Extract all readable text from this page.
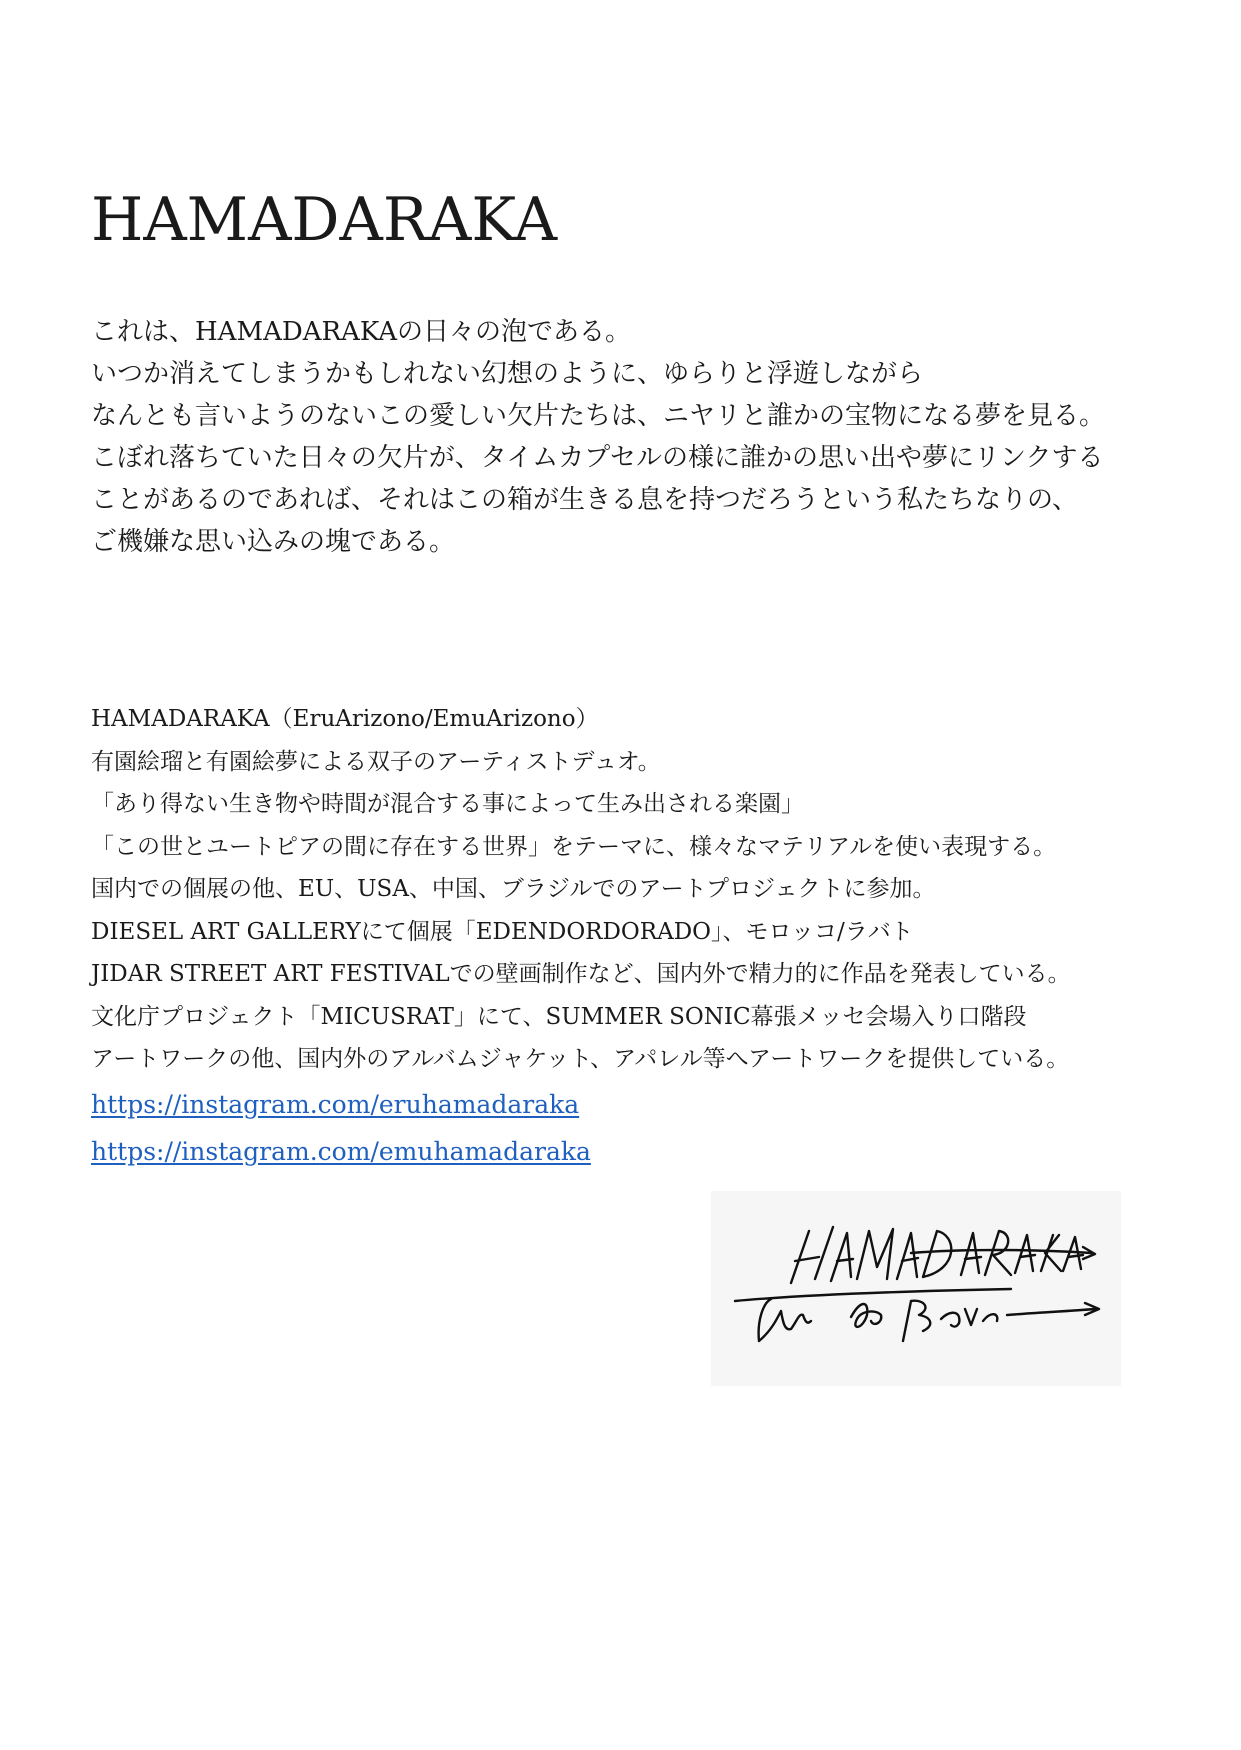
HAMADARAKA
これは、HAMADARAKAの日々の泡である。
いつか消えてしまうかもしれない幻想のように、ゆらりと浮遊しながら
なんとも言いようのないこの愛しい欠片たちは、ニヤリと誰かの宝物になる夢を見る。
こぼれ落ちていた日々の欠片が、タイムカプセルの様に誰かの思い出や夢にリンクする
ことがあるのであれば、それはこの箱が生きる息を持つだろうという私たちなりの、
ご機嫌な思い込みの塊である。
HAMADARAKA（EruArizono/EmuArizono）
有園絵瑠と有園絵夢による双子のアーティストデュオ。
「あり得ない生き物や時間が混合する事によって生み出される楽園」
「この世とユートピアの間に存在する世界」をテーマに、様々なマテリアルを使い表現する。
国内での個展の他、EU、USA、中国、ブラジルでのアートプロジェクトに参加。
DIESEL ART GALLERYにて個展「EDENDORDORADO」、モロッコ/ラバト
JIDAR STREET ART FESTIVALでの壁画制作など、国内外で精力的に作品を発表している。
文化庁プロジェクト「MICUSRAT」にて、SUMMER SONIC幕張メッセ会場入り口階段
アートワークの他、国内外のアルバムジャケット、アパレル等へアートワークを提供している。
https://instagram.com/eruhamadaraka
https://instagram.com/emuhamadaraka
